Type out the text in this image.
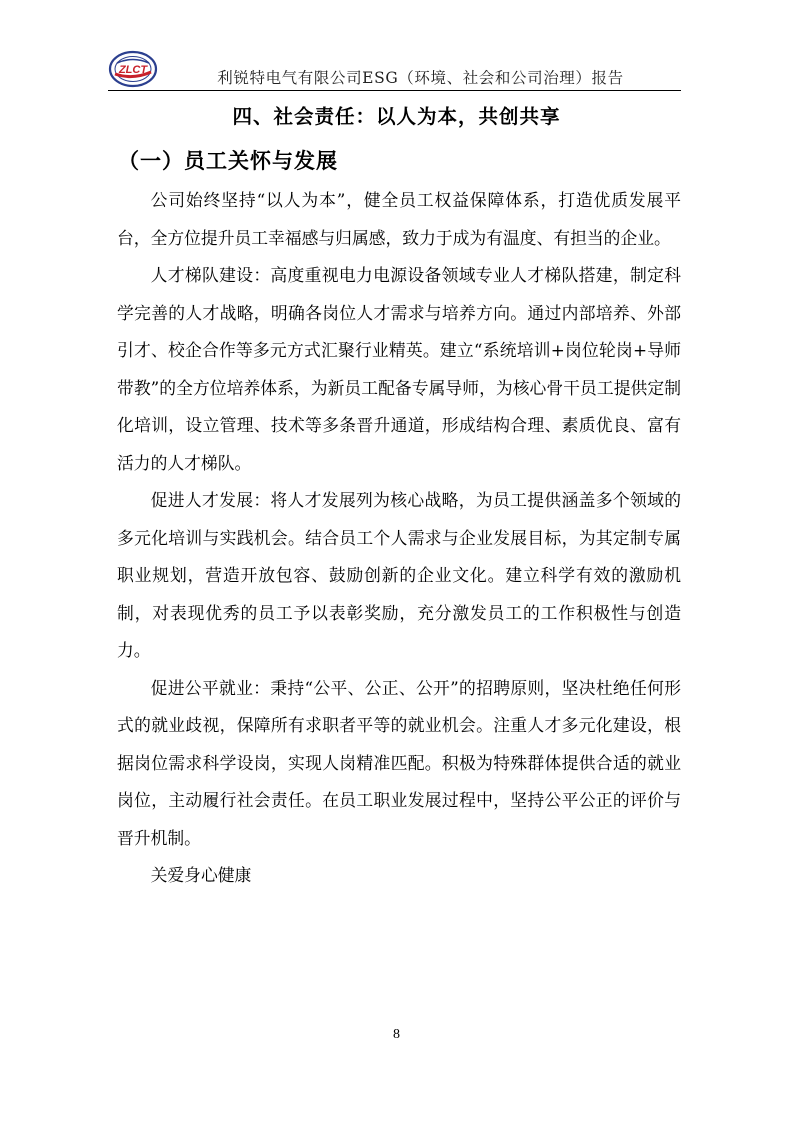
ZLCT	利锐特电气有限公司ESG（环境、社会和公司治理）报告
四、社会责任：以人为本，共创共享
（一）员工关怀与发展

公司始终坚持“以人为本”，健全员工权益保障体系，打造优质发展平台，全方位提升员工幸福感与归属感，致力于成为有温度、有担当的企业。

人才梯队建设：高度重视电力电源设备领域专业人才梯队搭建，制定科学完善的人才战略，明确各岗位人才需求与培养方向。通过内部培养、外部引才、校企合作等多元方式汇聚行业精英。建立“系统培训+岗位轮岗+导师带教”的全方位培养体系，为新员工配备专属导师，为核心骨干员工提供定制化培训，设立管理、技术等多条晋升通道，形成结构合理、素质优良、富有活力的人才梯队。

促进人才发展：将人才发展列为核心战略，为员工提供涵盖多个领域的多元化培训与实践机会。结合员工个人需求与企业发展目标，为其定制专属职业规划，营造开放包容、鼓励创新的企业文化。建立科学有效的激励机制，对表现优秀的员工予以表彰奖励，充分激发员工的工作积极性与创造力。

促进公平就业：秉持“公平、公正、公开”的招聘原则，坚决杜绝任何形式的就业歧视，保障所有求职者平等的就业机会。注重人才多元化建设，根据岗位需求科学设岗，实现人岗精准匹配。积极为特殊群体提供合适的就业岗位，主动履行社会责任。在员工职业发展过程中，坚持公平公正的评价与晋升机制。

关爱身心健康

8
